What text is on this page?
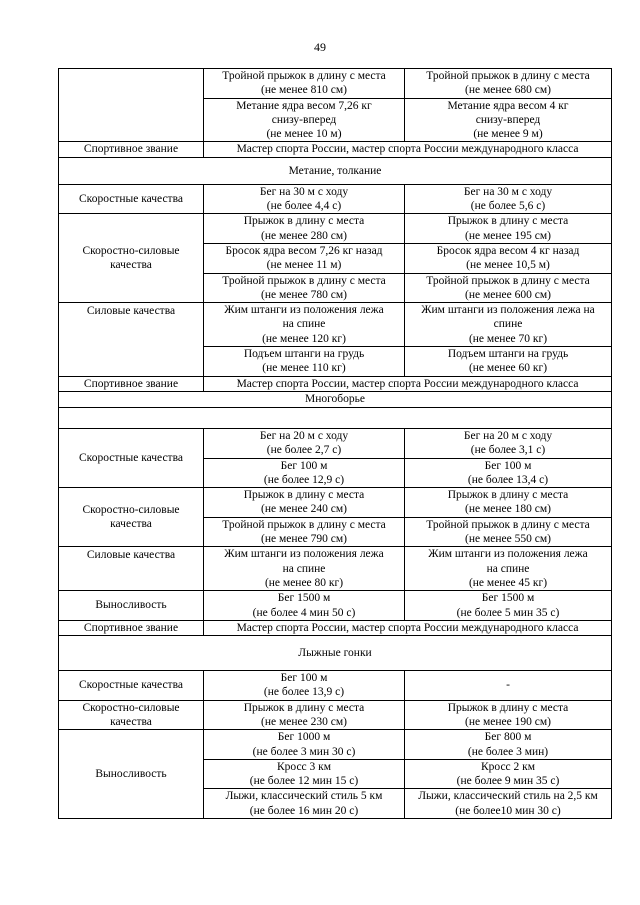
49

	Тройной прыжок в длину с места
(не менее 810 см)	Тройной прыжок в длину с места
(не менее 680 см)

	Метание ядра весом 7,26 кг
снизу-вперед
(не менее 10 м)	Метание ядра весом 4 кг
снизу-вперед
(не менее 9 м)

Спортивное звание	Мастер спорта России, мастер спорта России международного класса	
Метание, толкание		
Скоростные качества	Бег на 30 м с ходу
(не более 4,4 с)	Бег на 30 м с ходу
(не более 5,6 с)

Скоростно-силовые
качества	Прыжок в длину с места
(не менее 280 см)	Прыжок в длину с места
(не менее 195 см)

	Бросок ядра весом 7,26 кг назад
(не менее 11 м)	Бросок ядра весом 4 кг назад
(не менее 10,5 м)

	Тройной прыжок в длину с места
(не менее 780 см)	Тройной прыжок в длину с места
(не менее 600 см)

Силовые качества	Жим штанги из положения лежа
на спине
(не менее 120 кг)	Жим штанги из положения лежа на
спине
(не менее 70 кг)

	Подъем штанги на грудь
(не менее 110 кг)	Подъем штанги на грудь
(не менее 60 кг)

Спортивное звание	Мастер спорта России, мастер спорта России международного класса	
Многоборье		

Скоростные качества	Бег на 20 м с ходу
(не более 2,7 с)	Бег на 20 м с ходу
(не более 3,1 с)

	Бег 100 м
(не более 12,9 с)	Бег 100 м
(не более 13,4 с)

Скоростно-силовые
качества	Прыжок в длину с места
(не менее 240 см)	Прыжок в длину с места
(не менее 180 см)

	Тройной прыжок в длину с места
(не менее 790 см)	Тройной прыжок в длину с места
(не менее 550 см)

Силовые качества	Жим штанги из положения лежа
на спине
(не менее 80 кг)	Жим штанги из положения лежа
на спине
(не менее 45 кг)

Выносливость	Бег 1500 м
(не более 4 мин 50 с)	Бег 1500 м
(не более 5 мин 35 с)

Спортивное звание	Мастер спорта России, мастер спорта России международного класса	
Лыжные гонки		
Скоростные качества	Бег 100 м
(не более 13,9 с)	-

Скоростно-силовые
качества	Прыжок в длину с места
(не менее 230 см)	Прыжок в длину с места
(не менее 190 см)

Выносливость	Бег 1000 м
(не более 3 мин 30 с)	Бег 800 м
(не более 3 мин)

	Кросс 3 км
(не более 12 мин 15 с)	Кросс 2 км
(не более 9 мин 35 с)

	Лыжи, классический стиль 5 км
(не более 16 мин 20 с)	Лыжи, классический стиль на 2,5 км
(не более10 мин 30 с)
